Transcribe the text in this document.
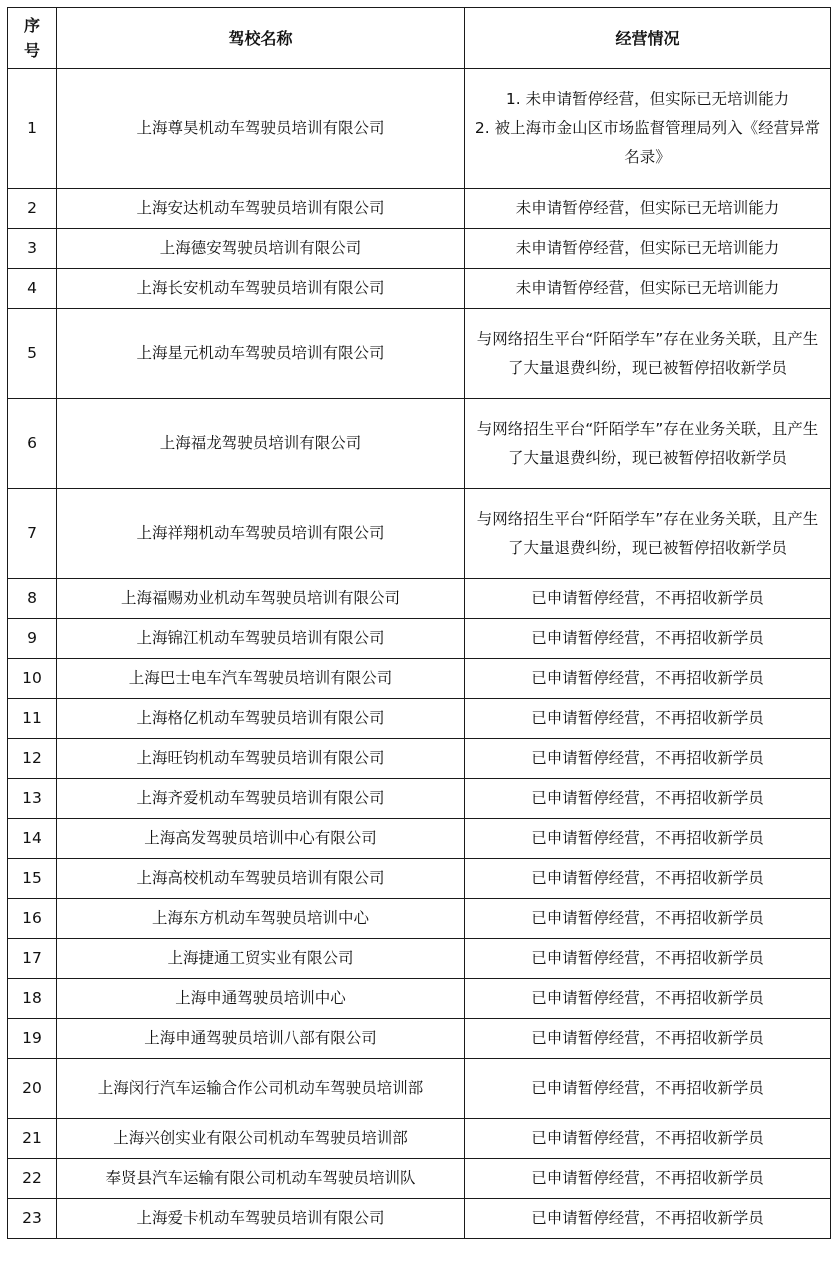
序
号	驾校名称	经营情况
1	上海尊昊机动车驾驶员培训有限公司	1. 未申请暂停经营，但实际已无培训能力
2. 被上海市金山区市场监督管理局列入《经营异常名录》

2	上海安达机动车驾驶员培训有限公司	未申请暂停经营，但实际已无培训能力
3	上海德安驾驶员培训有限公司	未申请暂停经营，但实际已无培训能力
4	上海长安机动车驾驶员培训有限公司	未申请暂停经营，但实际已无培训能力
5	上海星元机动车驾驶员培训有限公司	与网络招生平台“阡陌学车”存在业务关联，且产生了大量退费纠纷，现已被暂停招收新学员
6	上海福龙驾驶员培训有限公司	与网络招生平台“阡陌学车”存在业务关联，且产生了大量退费纠纷，现已被暂停招收新学员
7	上海祥翔机动车驾驶员培训有限公司	与网络招生平台“阡陌学车”存在业务关联，且产生了大量退费纠纷，现已被暂停招收新学员
8	上海福赐劝业机动车驾驶员培训有限公司	已申请暂停经营，不再招收新学员
9	上海锦江机动车驾驶员培训有限公司	已申请暂停经营，不再招收新学员
10	上海巴士电车汽车驾驶员培训有限公司	已申请暂停经营，不再招收新学员
11	上海格亿机动车驾驶员培训有限公司	已申请暂停经营，不再招收新学员
12	上海旺钧机动车驾驶员培训有限公司	已申请暂停经营，不再招收新学员
13	上海齐爱机动车驾驶员培训有限公司	已申请暂停经营，不再招收新学员
14	上海高发驾驶员培训中心有限公司	已申请暂停经营，不再招收新学员
15	上海高校机动车驾驶员培训有限公司	已申请暂停经营，不再招收新学员
16	上海东方机动车驾驶员培训中心	已申请暂停经营，不再招收新学员
17	上海捷通工贸实业有限公司	已申请暂停经营，不再招收新学员
18	上海申通驾驶员培训中心	已申请暂停经营，不再招收新学员
19	上海申通驾驶员培训八部有限公司	已申请暂停经营，不再招收新学员
20	上海闵行汽车运输合作公司机动车驾驶员培训部	已申请暂停经营，不再招收新学员
21	上海兴创实业有限公司机动车驾驶员培训部	已申请暂停经营，不再招收新学员
22	奉贤县汽车运输有限公司机动车驾驶员培训队	已申请暂停经营，不再招收新学员
23	上海爱卡机动车驾驶员培训有限公司	已申请暂停经营，不再招收新学员
